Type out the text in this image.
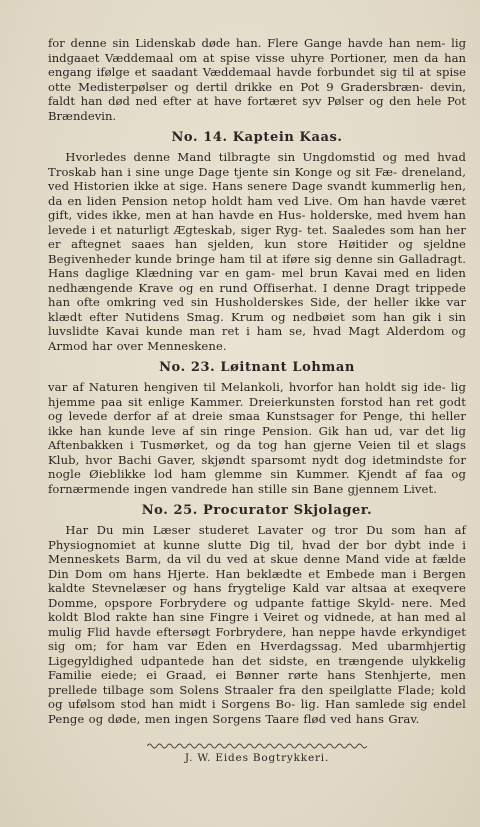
for denne sin Lidenskab døde han. Flere Gange havde han nem- lig indgaaet Væddemaal om at spise visse uhyre Portioner, men da han engang ifølge et saadant Væddemaal havde forbundet sig til at spise otte Medisterpølser og dertil drikke en Pot 9 Gradersbræn- devin, faldt han død ned efter at have fortæret syv Pølser og den hele Pot Brændevin.

No. 14. Kaptein Kaas.

Hvorledes denne Mand tilbragte sin Ungdomstid og med hvad Troskab han i sine unge Dage tjente sin Konge og sit Fæ- dreneland, ved Historien ikke at sige. Hans senere Dage svandt kummerlig hen, da en liden Pension netop holdt ham ved Live. Om han havde været gift, vides ikke, men at han havde en Hus- holderske, med hvem han levede i et naturligt Ægteskab, siger Ryg- tet. Saaledes som han her er aftegnet saaes han sjelden, kun store Høitider og sjeldne Begivenheder kunde bringe ham til at iføre sig denne sin Galladragt. Hans daglige Klædning var en gam- mel brun Kavai med en liden nedhængende Krave og en rund Offiserhat. I denne Dragt trippede han ofte omkring ved sin Husholderskes Side, der heller ikke var klædt efter Nutidens Smag. Krum og nedbøiet som han gik i sin luvslidte Kavai kunde man ret i ham se, hvad Magt Alderdom og Armod har over Menneskene.

No. 23. Løitnant Lohman

var af Naturen hengiven til Melankoli, hvorfor han holdt sig ide- lig hjemme paa sit enlige Kammer. Dreierkunsten forstod han ret godt og levede derfor af at dreie smaa Kunstsager for Penge, thi heller ikke han kunde leve af sin ringe Pension. Gik han ud, var det lig Aftenbakken i Tusmørket, og da tog han gjerne Veien til et slags Klub, hvor Bachi Gaver, skjøndt sparsomt nydt dog idetmindste for nogle Øieblikke lod ham glemme sin Kummer. Kjendt af faa og fornærmende ingen vandrede han stille sin Bane gjennem Livet.

No. 25. Procurator Skjolager.

Har Du min Læser studeret Lavater og tror Du som han af Physiognomiet at kunne slutte Dig til, hvad der bor dybt inde i Menneskets Barm, da vil du ved at skue denne Mand vide at fælde Din Dom om hans Hjerte. Han beklædte et Embede man i Bergen kaldte Stevnelæser og hans frygtelige Kald var altsaa at exeqvere Domme, opspore Forbrydere og udpante fattige Skyld- nere. Med koldt Blod rakte han sine Fingre i Veiret og vidnede, at han med al mulig Flid havde eftersøgt Forbrydere, han neppe havde erkyndiget sig om; for ham var Eden en Hverdagssag. Med ubarmhjertig Ligegyldighed udpantede han det sidste, en trængende ulykkelig Familie eiede; ei Graad, ei Bønner rørte hans Stenhjerte, men prellede tilbage som Solens Straaler fra den speilglatte Flade; kold og ufølsom stod han midt i Sorgens Bo- lig. Han samlede sig endel Penge og døde, men ingen Sorgens Taare flød ved hans Grav.

J. W. Eides Bogtrykkeri.
